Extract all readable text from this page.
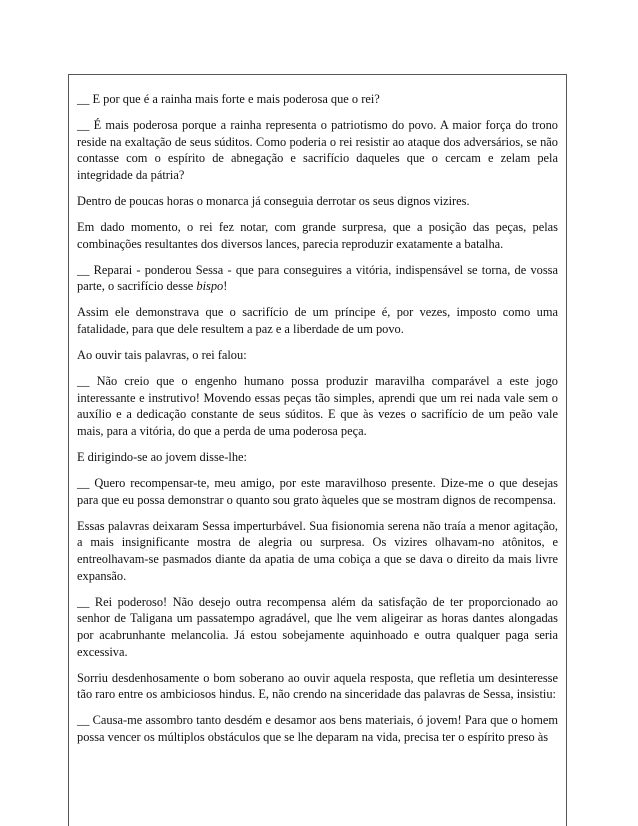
__ E por que é a rainha mais forte e mais poderosa que o rei?

__ É mais poderosa porque a rainha representa o patriotismo do povo. A maior força do trono reside na exaltação de seus súditos. Como poderia o rei resistir ao ataque dos adversários, se não contasse com o espírito de abnegação e sacrifício daqueles que o cercam e zelam pela integridade da pátria?

Dentro de poucas horas o monarca já conseguia derrotar os seus dignos vizires.

Em dado momento, o rei fez notar, com grande surpresa, que a posição das peças, pelas combinações resultantes dos diversos lances, parecia reproduzir exatamente a batalha.

__ Reparai - ponderou Sessa - que para conseguires a vitória, indispensável se torna, de vossa parte, o sacrifício desse bispo!

Assim ele demonstrava que o sacrifício de um príncipe é, por vezes, imposto como uma fatalidade, para que dele resultem a paz e a liberdade de um povo.

Ao ouvir tais palavras, o rei falou:

__ Não creio que o engenho humano possa produzir maravilha comparável a este jogo interessante e instrutivo! Movendo essas peças tão simples, aprendi que um rei nada vale sem o auxílio e a dedicação constante de seus súditos. E que às vezes o sacrifício de um peão vale mais, para a vitória, do que a perda de uma poderosa peça.

E dirigindo-se ao jovem disse-lhe:

__ Quero recompensar-te, meu amigo, por este maravilhoso presente. Dize-me o que desejas para que eu possa demonstrar o quanto sou grato àqueles que se mostram dignos de recompensa.

Essas palavras deixaram Sessa imperturbável. Sua fisionomia serena não traía a menor agitação, a mais insignificante mostra de alegria ou surpresa. Os vizires olhavam-no atônitos, e entreolhavam-se pasmados diante da apatia de uma cobiça a que se dava o direito da mais livre expansão.

__ Rei poderoso! Não desejo outra recompensa além da satisfação de ter proporcionado ao senhor de Taligana um passatempo agradável, que lhe vem aligeirar as horas dantes alongadas por acabrunhante melancolia. Já estou sobejamente aquinhoado e outra qualquer paga seria excessiva.

Sorriu desdenhosamente o bom soberano ao ouvir aquela resposta, que refletia um desinteresse tão raro entre os ambiciosos hindus. E, não crendo na sinceridade das palavras de Sessa, insistiu:

__ Causa-me assombro tanto desdém e desamor aos bens materiais, ó jovem! Para que o homem possa vencer os múltiplos obstáculos que se lhe deparam na vida, precisa ter o espírito preso às
